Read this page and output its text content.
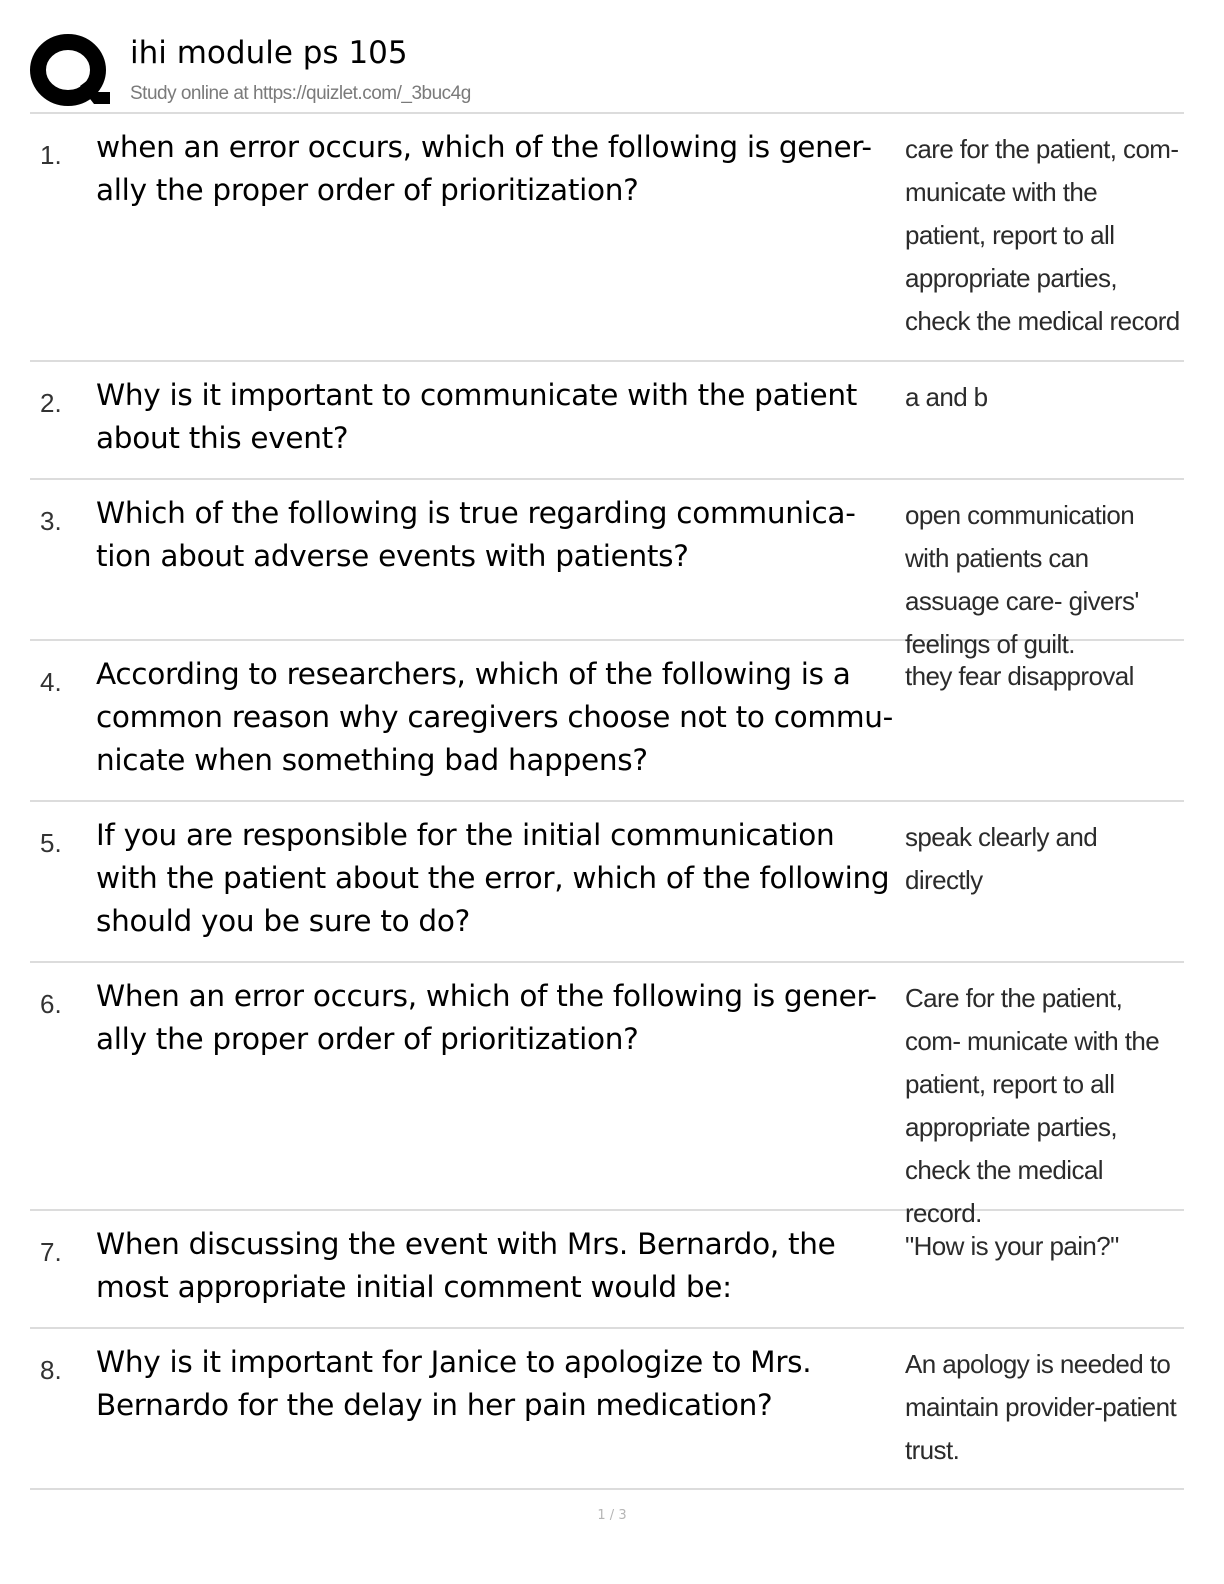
ihi module ps 105
Study online at https://quizlet.com/_3buc4g
1. when an error occurs, which of the following is gener- ally the proper order of prioritization?
care for the patient, com- municate with the patient, report to all appropriate parties, check the medical record
2. Why is it important to communicate with the patient about this event?
a and b
3. Which of the following is true regarding communica- tion about adverse events with patients?
open communication with patients can assuage care- givers' feelings of guilt.
4. According to researchers, which of the following is a common reason why caregivers choose not to commu- nicate when something bad happens?
they fear disapproval
5. If you are responsible for the initial communication with the patient about the error, which of the following should you be sure to do?
speak clearly and directly
6. When an error occurs, which of the following is gener- ally the proper order of prioritization?
Care for the patient, com- municate with the patient, report to all appropriate parties, check the medical record.
7. When discussing the event with Mrs. Bernardo, the most appropriate initial comment would be:
"How is your pain?"
8. Why is it important for Janice to apologize to Mrs. Bernardo for the delay in her pain medication?
An apology is needed to maintain provider-patient trust.
1 / 3
